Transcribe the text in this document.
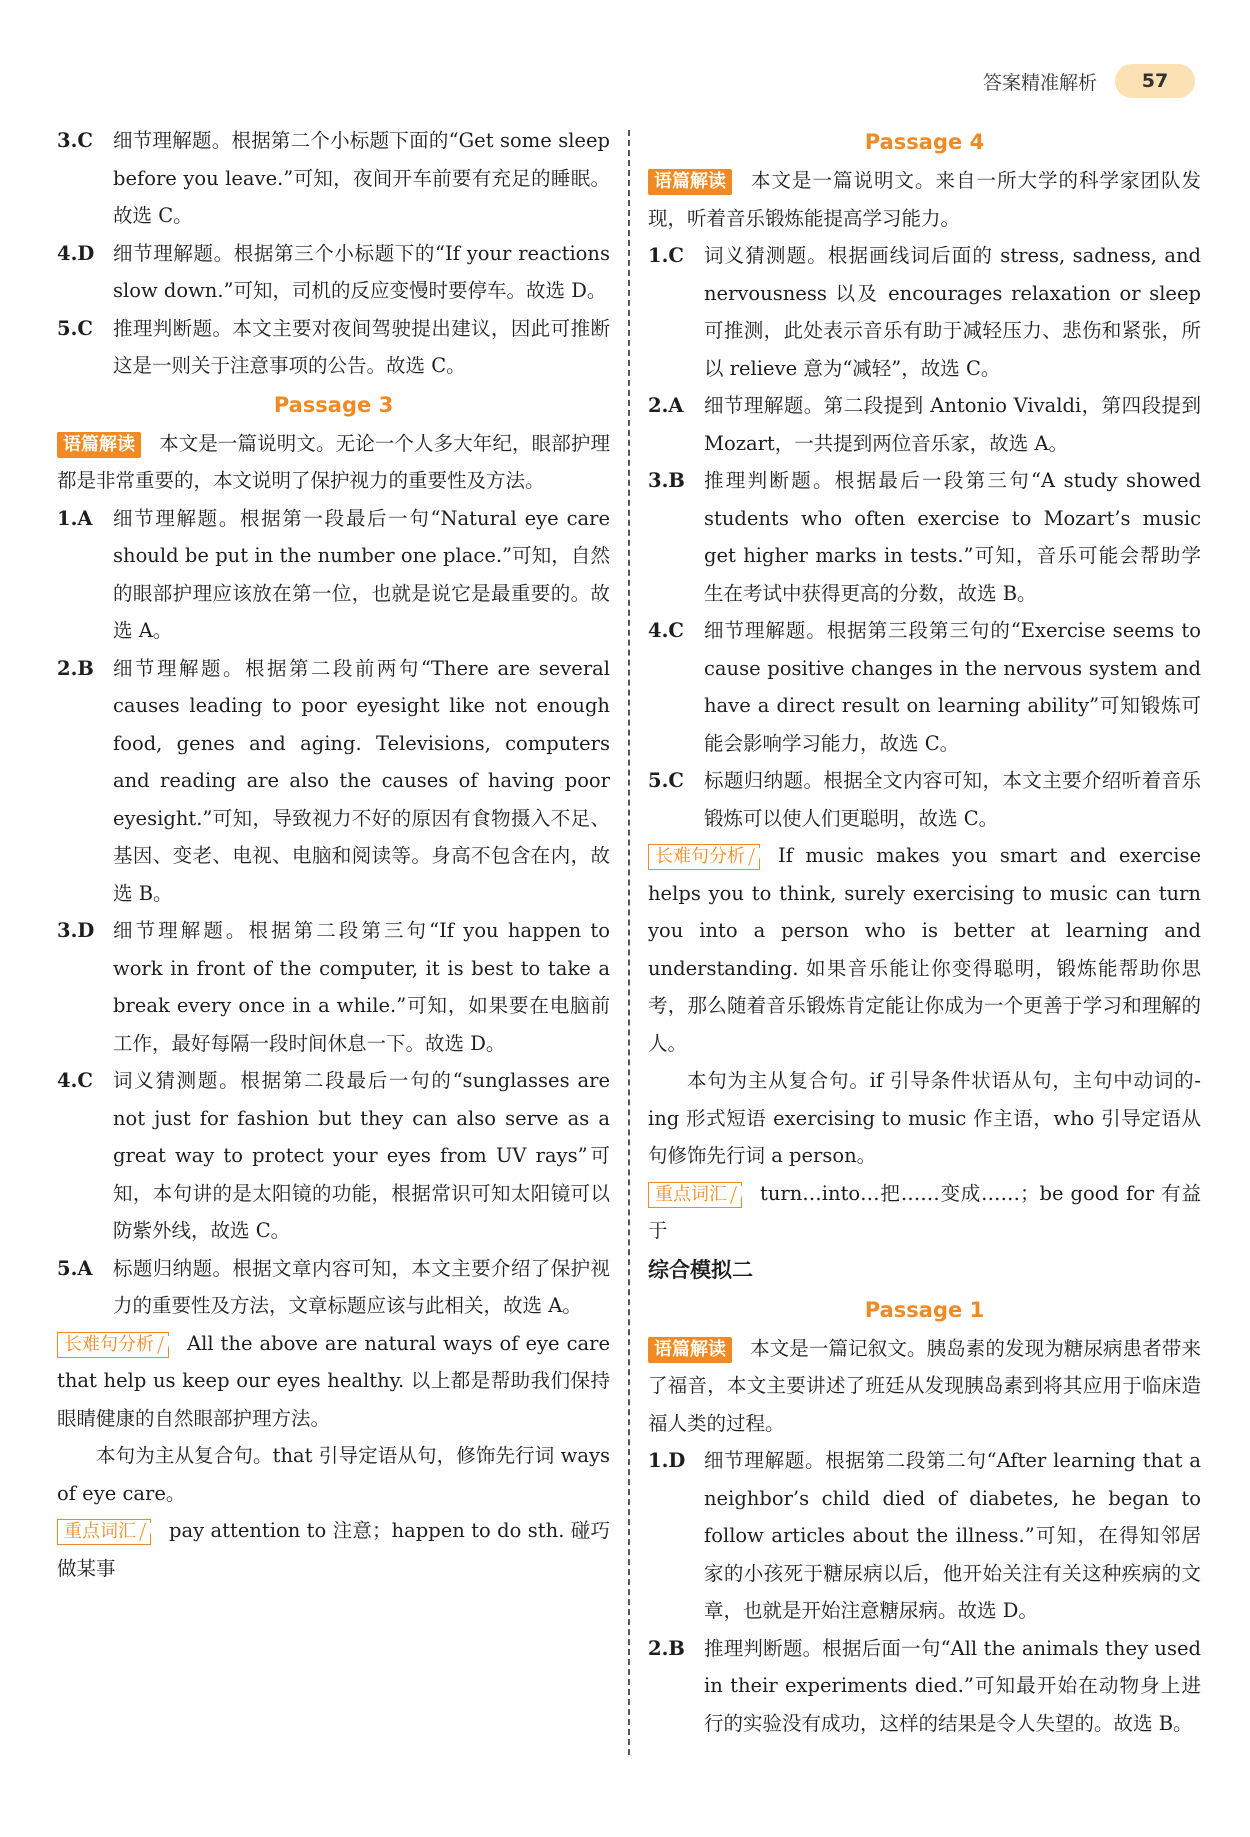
答案精准解析	57
3.C	细节理解题。根据第二个小标题下面的“Get some sleep before you leave.”可知，夜间开车前要有充足的睡眠。故选 C。
4.D 细节理解题。根据第三个小标题下的“If your reactions slow down.”可知，司机的反应变慢时要停车。故选 D。
5.C	推理判断题。本文主要对夜间驾驶提出建议，因此可推断这是一则关于注意事项的公告。故选 C。
Passage 3
语篇解读 本文是一篇说明文。无论一个人多大年纪，眼部护理都是非常重要的，本文说明了保护视力的重要性及方法。
1.A	细节理解题。根据第一段最后一句“Natural eye care should be put in the number one place.”可知，自然的眼部护理应该放在第一位，也就是说它是最重要的。故选 A。
2.B 细节理解题。根据第二段前两句“There are several causes leading to poor eyesight like not enough food, genes and aging. Televisions, computers and reading are also the causes of having poor eyesight.”可知，导致视力不好的原因有食物摄入不足、基因、变老、电视、电脑和阅读等。身高不包含在内，故选 B。
3.D 细节理解题。根据第二段第三句“If you happen to work in front of the computer, it is best to take a break every once in a while.”可知，如果要在电脑前工作，最好每隔一段时间休息一下。故选 D。
4.C	词义猜测题。根据第二段最后一句的“sunglasses are not just for fashion but they can also serve as a great way to protect your eyes from UV rays”可知，本句讲的是太阳镜的功能，根据常识可知太阳镜可以防紫外线，故选 C。
5.A	标题归纳题。根据文章内容可知，本文主要介绍了保护视力的重要性及方法，文章标题应该与此相关，故选 A。
长难句分析 All the above are natural ways of eye care that help us keep our eyes healthy. 以上都是帮助我们保持眼睛健康的自然眼部护理方法。
本句为主从复合句。that 引导定语从句，修饰先行词 ways of eye care。
重点词汇 pay attention to 注意；happen to do sth. 碰巧做某事
Passage 4
语篇解读 本文是一篇说明文。来自一所大学的科学家团队发现，听着音乐锻炼能提高学习能力。
1.C	词义猜测题。根据画线词后面的 stress, sadness, and nervousness 以及 encourages relaxation or sleep 可推测，此处表示音乐有助于减轻压力、悲伤和紧张，所以 relieve 意为“减轻”，故选 C。
2.A	细节理解题。第二段提到 Antonio Vivaldi，第四段提到 Mozart，一共提到两位音乐家，故选 A。
3.B 推理判断题。根据最后一段第三句“A study showed students who often exercise to Mozart’s music get higher marks in tests.”可知，音乐可能会帮助学生在考试中获得更高的分数，故选 B。
4.C	细节理解题。根据第三段第三句的“Exercise seems to cause positive changes in the nervous system and have a direct result on learning ability”可知锻炼可能会影响学习能力，故选 C。
5.C	标题归纳题。根据全文内容可知，本文主要介绍听着音乐锻炼可以使人们更聪明，故选 C。
长难句分析 If music makes you smart and exercise helps you to think, surely exercising to music can turn you into a person who is better at learning and understanding. 如果音乐能让你变得聪明，锻炼能帮助你思考，那么随着音乐锻炼肯定能让你成为一个更善于学习和理解的人。
本句为主从复合句。if 引导条件状语从句，主句中动词的-ing 形式短语 exercising to music 作主语，who 引导定语从句修饰先行词 a person。
重点词汇 turn…into…把……变成……；be good for 有益于
综合模拟二
Passage 1
语篇解读 本文是一篇记叙文。胰岛素的发现为糖尿病患者带来了福音，本文主要讲述了班廷从发现胰岛素到将其应用于临床造福人类的过程。
1.D 细节理解题。根据第二段第二句“After learning that a neighbor’s child died of diabetes, he began to follow articles about the illness.”可知，在得知邻居家的小孩死于糖尿病以后，他开始关注有关这种疾病的文章，也就是开始注意糖尿病。故选 D。
2.B 推理判断题。根据后面一句“All the animals they used in their experiments died.”可知最开始在动物身上进行的实验没有成功，这样的结果是令人失望的。故选 B。
